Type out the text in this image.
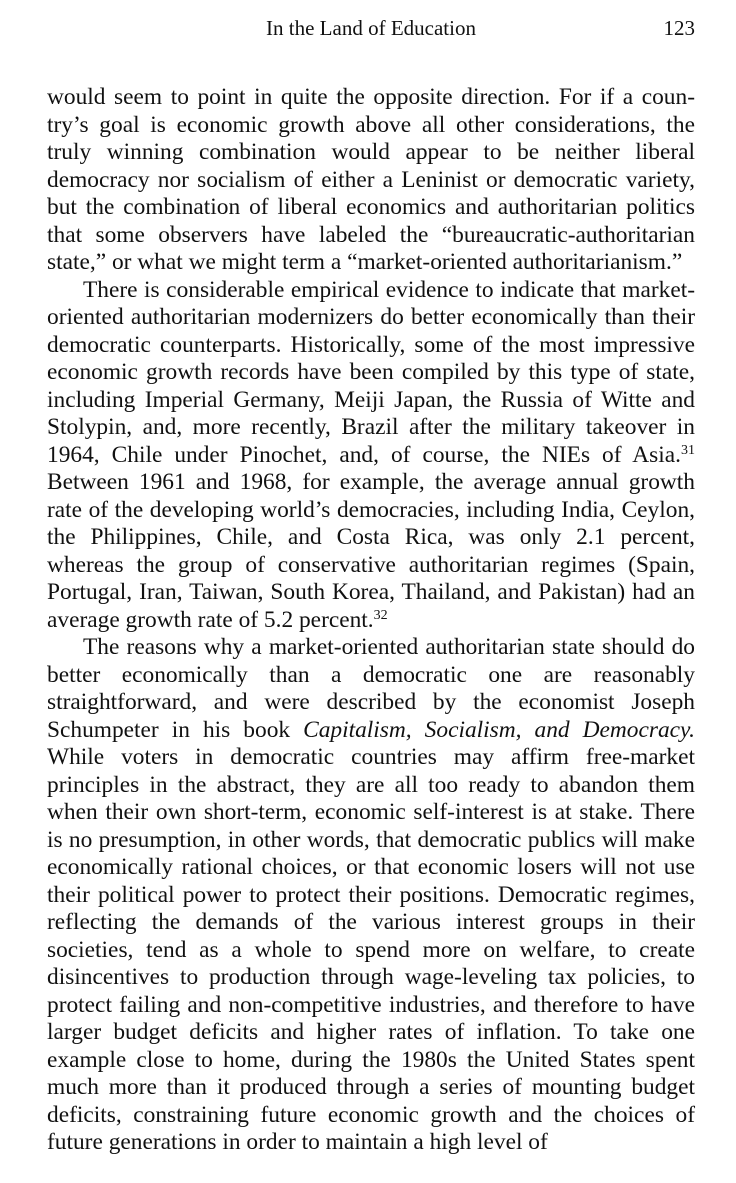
In the Land of Education	123

would seem to point in quite the opposite direction. For if a country’s goal is economic growth above all other considerations, the truly winning combination would appear to be neither liberal democracy nor socialism of either a Leninist or democratic variety, but the combination of liberal economics and authoritarian politics that some observers have labeled the “bureaucratic-authoritarian state,” or what we might term a “market-oriented authoritarianism.”

There is considerable empirical evidence to indicate that market-oriented authoritarian modernizers do better economically than their democratic counterparts. Historically, some of the most impressive economic growth records have been compiled by this type of state, including Imperial Germany, Meiji Japan, the Russia of Witte and Stolypin, and, more recently, Brazil after the military takeover in 1964, Chile under Pinochet, and, of course, the NIEs of Asia.$^{31}$ Between 1961 and 1968, for example, the average annual growth rate of the developing world’s democracies, including India, Ceylon, the Philippines, Chile, and Costa Rica, was only 2.1 percent, whereas the group of conservative authoritarian regimes (Spain, Portugal, Iran, Taiwan, South Korea, Thailand, and Pakistan) had an average growth rate of 5.2 percent.$^{32}$

The reasons why a market-oriented authoritarian state should do better economically than a democratic one are reasonably straightforward, and were described by the economist Joseph Schumpeter in his book Capitalism, Socialism, and Democracy. While voters in democratic countries may affirm free-market principles in the abstract, they are all too ready to abandon them when their own short-term, economic self-interest is at stake. There is no presumption, in other words, that democratic publics will make economically rational choices, or that economic losers will not use their political power to protect their positions. Democratic regimes, reflecting the demands of the various interest groups in their societies, tend as a whole to spend more on welfare, to create disincentives to production through wage-leveling tax policies, to protect failing and non-competitive industries, and therefore to have larger budget deficits and higher rates of inflation. To take one example close to home, during the 1980s the United States spent much more than it produced through a series of mounting budget deficits, constraining future economic growth and the choices of future generations in order to maintain a high level of
